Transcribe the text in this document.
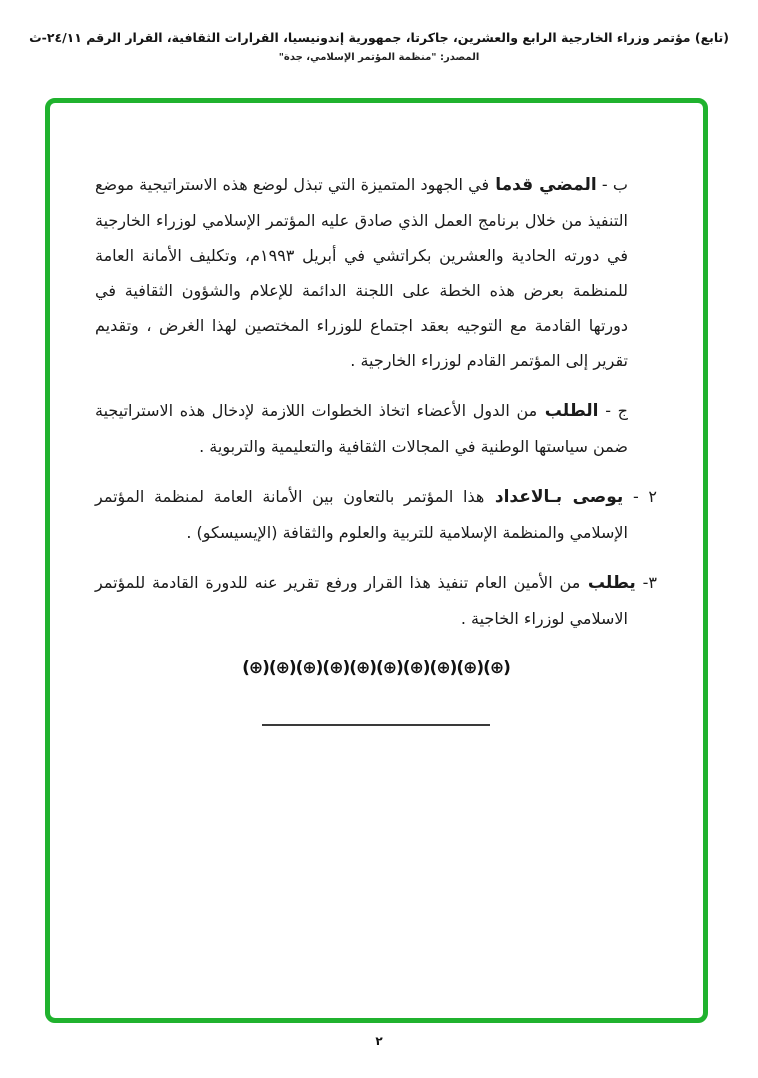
(تابع) مؤتمر وزراء الخارجية الرابع والعشرين، جاكرتا، جمهورية إندونيسيا، القرارات الثقافية، القرار الرقم ٢٤/١١-ث
المصدر: "منظمة المؤتمر الإسلامي، جدة"

ب - المضي قدما في الجهود المتميزة التي تبذل لوضع هذه الاستراتيجية موضع التنفيذ من خلال برنامج العمل الذي صادق عليه المؤتمر الإسلامي لوزراء الخارجية في دورته الحادية والعشرين بكراتشي في أبريل ١٩٩٣م، وتكليف الأمانة العامة للمنظمة بعرض هذه الخطة على اللجنة الدائمة للإعلام والشؤون الثقافية في دورتها القادمة مع التوجيه بعقد اجتماع للوزراء المختصين لهذا الغرض ، وتقديم تقرير إلى المؤتمر القادم لوزراء الخارجية .

ج - الطلب من الدول الأعضاء اتخاذ الخطوات اللازمة لإدخال هذه الاستراتيجية ضمن سياستها الوطنية في المجالات الثقافية والتعليمية والتربوية .

٢ - يوصى بـالاعداد هذا المؤتمر بالتعاون بين الأمانة العامة لمنظمة المؤتمر الإسلامي والمنظمة الإسلامية للتربية والعلوم والثقافة (الإيسيسكو) .

٣- يطلب من الأمين العام تنفيذ هذا القرار ورفع تقرير عنه للدورة القادمة للمؤتمر الاسلامي لوزراء الخاجية .

(⊕)(⊕)(⊕)(⊕)(⊕)(⊕)(⊕)(⊕)(⊕)(⊕)
٢
